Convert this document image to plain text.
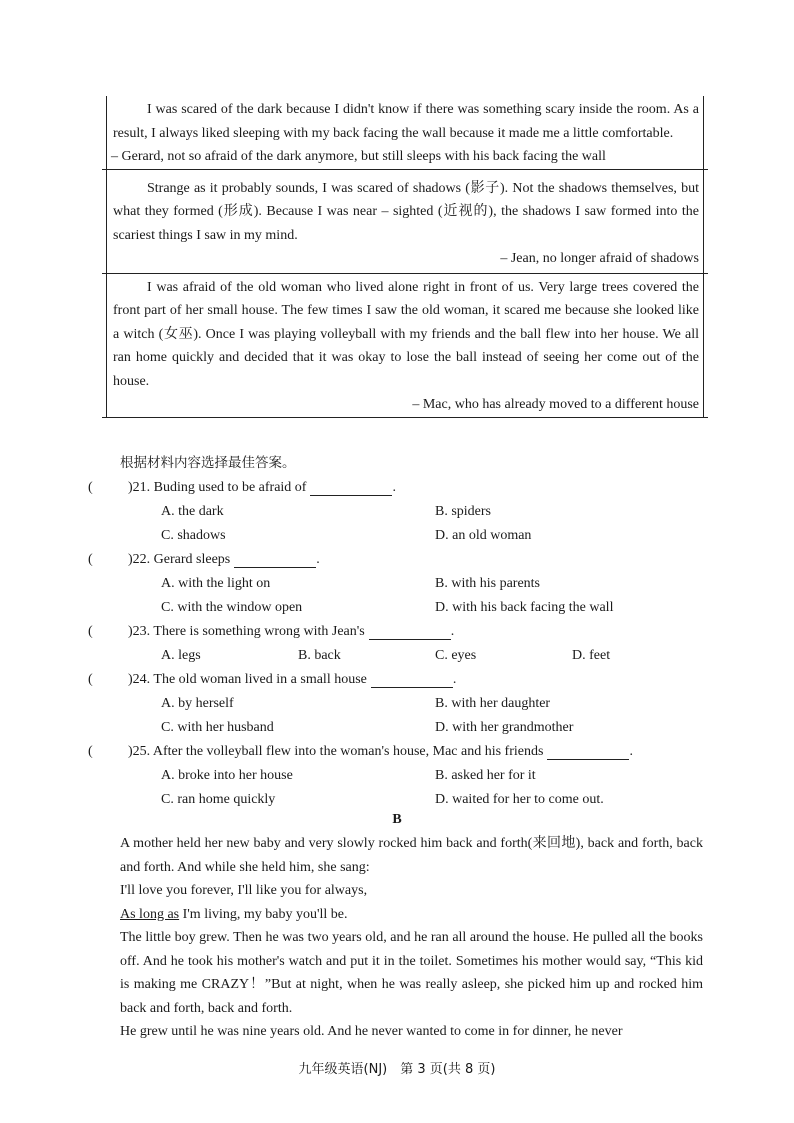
I was scared of the dark because I didn't know if there was something scary inside the room. As a result, I always liked sleeping with my back facing the wall because it made me a little comfortable.

– Gerard, not so afraid of the dark anymore, but still sleeps with his back facing the wall

Strange as it probably sounds, I was scared of shadows (影子). Not the shadows themselves, but what they formed (形成). Because I was near – sighted (近视的), the shadows I saw formed into the scariest things I saw in my mind.

– Jean, no longer afraid of shadows

I was afraid of the old woman who lived alone right in front of us. Very large trees covered the front part of her small house. The few times I saw the old woman, it scared me because she looked like a witch (女巫). Once I was playing volleyball with my friends and the ball flew into her house. We all ran home quickly and decided that it was okay to lose the ball instead of seeing her come out of the house.

– Mac, who has already moved to a different house

根据材料内容选择最佳答案。
(	)21. Buding used to be afraid of	.
A. the dark	B. spiders
C. shadows	D. an old woman
(	)22. Gerard sleeps	.
A. with the light on	B. with his parents
C. with the window open	D. with his back facing the wall
(	)23. There is something wrong with Jean's	.
A. legs	B. back	C. eyes	D. feet
(	)24. The old woman lived in a small house	.
A. by herself	B. with her daughter
C. with her husband	D. with her grandmother
(	)25. After the volleyball flew into the woman's house, Mac and his friends	.
A. broke into her house	B. asked her for it
C. ran home quickly	D. waited for her to come out.
B

A mother held her new baby and very slowly rocked him back and forth(来回地), back and forth, back and forth. And while she held him, she sang:

I'll love you forever, I'll like you for always,

As long as I'm living, my baby you'll be.

The little boy grew. Then he was two years old, and he ran all around the house. He pulled all the books off. And he took his mother's watch and put it in the toilet. Sometimes his mother would say, “This kid is making me CRAZY！”But at night, when he was really asleep, she picked him up and rocked him back and forth, back and forth.

He grew until he was nine years old. And he never wanted to come in for dinner, he never

九年级英语(NJ)　第 3 页(共 8 页)
